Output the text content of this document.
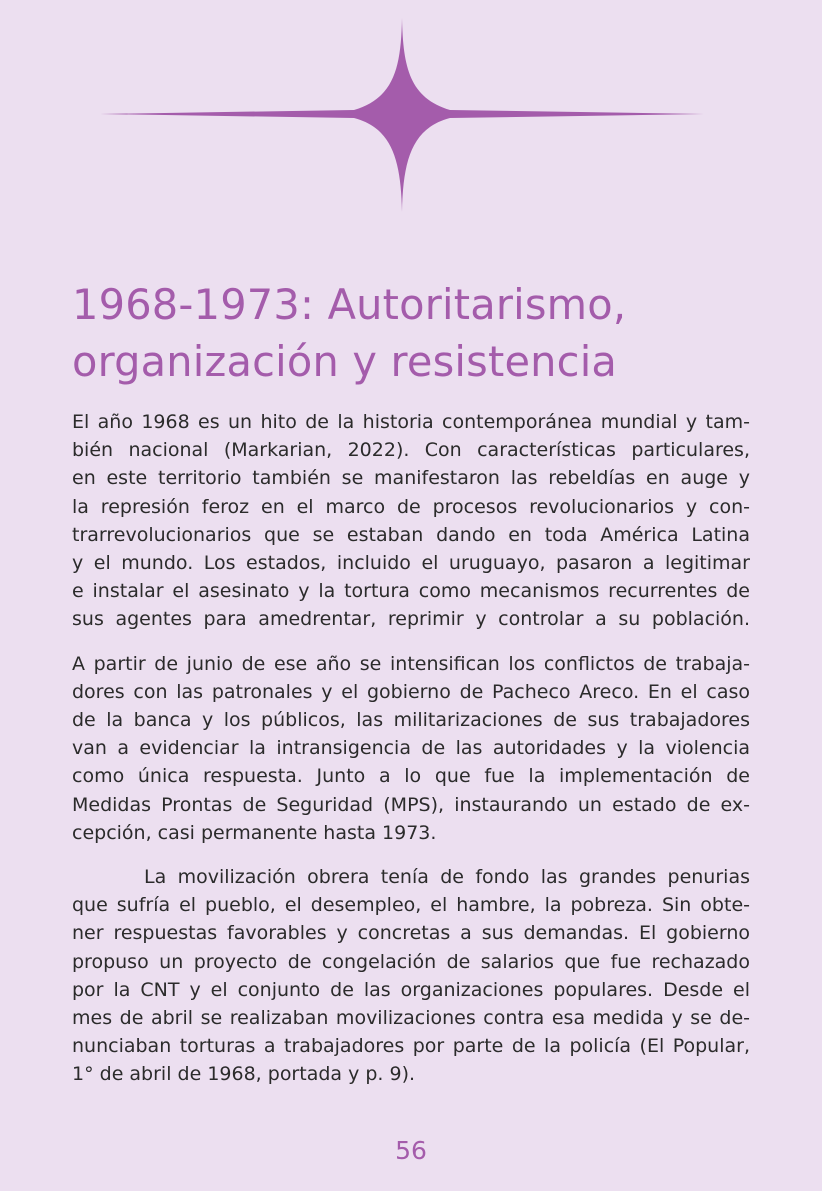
1968-1973: Autoritarismo,
organización y resistencia

El año 1968 es un hito de la historia contemporánea mundial y tam-
bién nacional (Markarian, 2022). Con características particulares,
en este territorio también se manifestaron las rebeldías en auge y
la represión feroz en el marco de procesos revolucionarios y con-
trarrevolucionarios que se estaban dando en toda América Latina
y el mundo. Los estados, incluido el uruguayo, pasaron a legitimar
e instalar el asesinato y la tortura como mecanismos recurrentes de
sus agentes para amedrentar, reprimir y controlar a su población.

A partir de junio de ese año se intensifican los conflictos de trabaja-
dores con las patronales y el gobierno de Pacheco Areco. En el caso
de la banca y los públicos, las militarizaciones de sus trabajadores
van a evidenciar la intransigencia de las autoridades y la violencia
como única respuesta. Junto a lo que fue la implementación de
Medidas Prontas de Seguridad (MPS), instaurando un estado de ex-
cepción, casi permanente hasta 1973.

La movilización obrera tenía de fondo las grandes penurias
que sufría el pueblo, el desempleo, el hambre, la pobreza. Sin obte-
ner respuestas favorables y concretas a sus demandas. El gobierno
propuso un proyecto de congelación de salarios que fue rechazado
por la CNT y el conjunto de las organizaciones populares. Desde el
mes de abril se realizaban movilizaciones contra esa medida y se de-
nunciaban torturas a trabajadores por parte de la policía (El Popular,
1° de abril de 1968, portada y p. 9).

56
